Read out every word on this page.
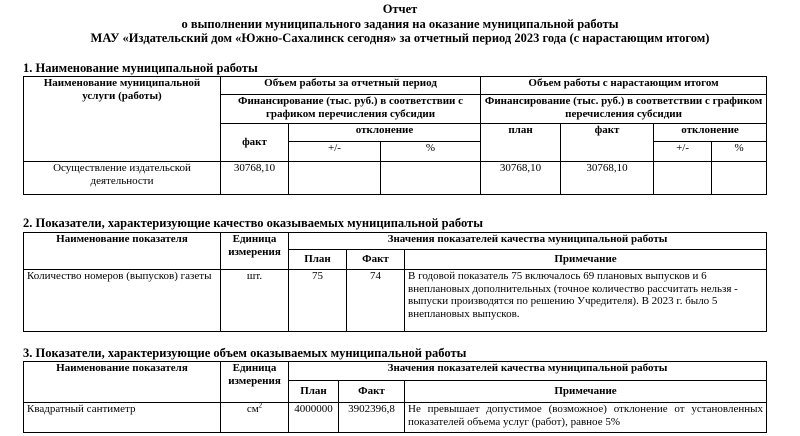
Отчет
о выполнении муниципального задания на оказание муниципальной работы
МАУ «Издательский дом «Южно-Сахалинск сегодня» за отчетный период 2023 года (с нарастающим итогом)
1. Наименование муниципальной работы
Наименование муниципальной услуги (работы)	Объем работы за отчетный период			Объем работы с нарастающим итогом			
	Финансирование (тыс. руб.) в соответствии с графиком перечисления субсидии			Финансирование (тыс. руб.) в соответствии с графиком перечисления субсидии			
	факт	отклонение		план	факт	отклонение	
		+/-	%			+/-	%
Осуществление издательской деятельности	30768,10			30768,10	30768,10		
2. Показатели, характеризующие качество оказываемых муниципальной работы
Наименование показателя	Единица измерения	Значения показателей качества муниципальной работы		
		План	Факт	Примечание
Количество номеров (выпусков) газеты	шт.	75	74	В годовой показатель 75 включалось 69 плановых выпусков и 6 внеплановых дополнительных (точное количество рассчитать нельзя - выпуски производятся по решению Учредителя). В 2023 г. было 5 внеплановых выпусков.
3. Показатели, характеризующие объем оказываемых муниципальной работы
Наименование показателя	Единица измерения	Значения показателей качества муниципальной работы		
		План	Факт	Примечание
Квадратный сантиметр	$см^2$	4000000	3902396,8	Не превышает допустимое (возможное) отклонение от установленных показателей объема услуг (работ), равное 5%
